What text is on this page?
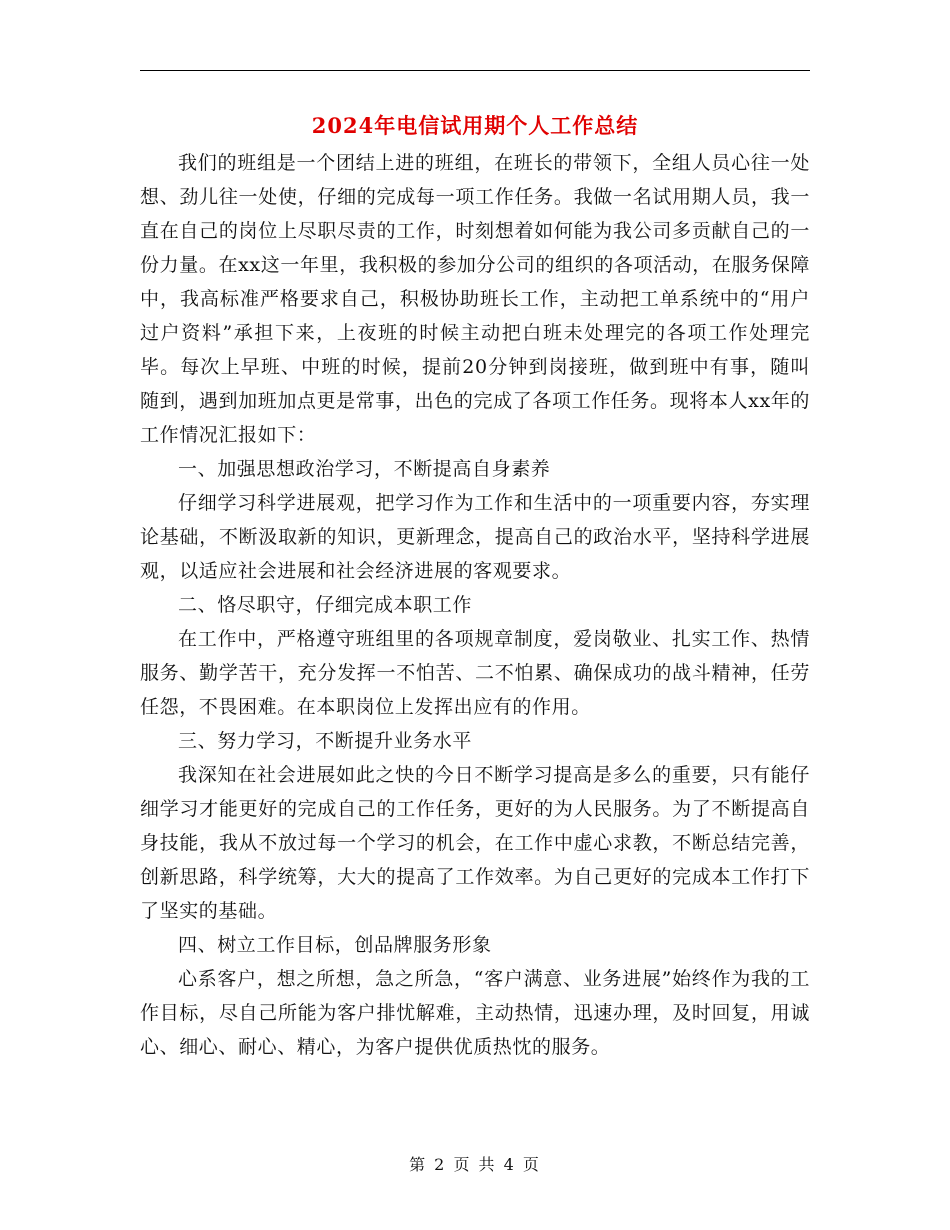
2024年电信试用期个人工作总结

我们的班组是一个团结上进的班组，在班长的带领下，全组人员心往一处想、劲儿往一处使，仔细的完成每一项工作任务。我做一名试用期人员，我一直在自己的岗位上尽职尽责的工作，时刻想着如何能为我公司多贡献自己的一份力量。在xx这一年里，我积极的参加分公司的组织的各项活动，在服务保障中，我高标准严格要求自己，积极协助班长工作，主动把工单系统中的“用户过户资料”承担下来，上夜班的时候主动把白班未处理完的各项工作处理完毕。每次上早班、中班的时候，提前20分钟到岗接班，做到班中有事，随叫随到，遇到加班加点更是常事，出色的完成了各项工作任务。现将本人xx年的工作情况汇报如下：

一、加强思想政治学习，不断提高自身素养

仔细学习科学进展观，把学习作为工作和生活中的一项重要内容，夯实理论基础，不断汲取新的知识，更新理念，提高自己的政治水平，坚持科学进展观，以适应社会进展和社会经济进展的客观要求。

二、恪尽职守，仔细完成本职工作

在工作中，严格遵守班组里的各项规章制度，爱岗敬业、扎实工作、热情服务、勤学苦干，充分发挥一不怕苦、二不怕累、确保成功的战斗精神，任劳任怨，不畏困难。在本职岗位上发挥出应有的作用。

三、努力学习，不断提升业务水平

我深知在社会进展如此之快的今日不断学习提高是多么的重要，只有能仔细学习才能更好的完成自己的工作任务，更好的为人民服务。为了不断提高自身技能，我从不放过每一个学习的机会，在工作中虚心求教，不断总结完善，创新思路，科学统筹，大大的提高了工作效率。为自己更好的完成本工作打下了坚实的基础。

四、树立工作目标，创品牌服务形象

心系客户，想之所想，急之所急，“客户满意、业务进展”始终作为我的工作目标，尽自己所能为客户排忧解难，主动热情，迅速办理，及时回复，用诚心、细心、耐心、精心，为客户提供优质热忱的服务。

第 2 页 共 4 页
